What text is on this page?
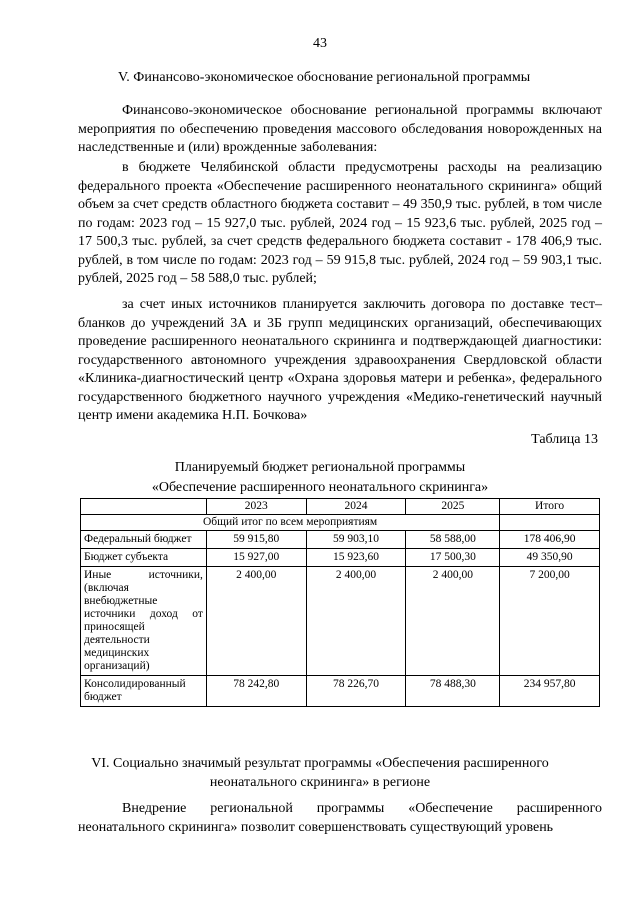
43
V. Финансово-экономическое обоснование региональной программы
Финансово-экономическое обоснование региональной программы включают мероприятия по обеспечению проведения массового обследования новорожденных на наследственные и (или) врожденные заболевания:
в бюджете Челябинской области предусмотрены расходы на реализацию федерального проекта «Обеспечение расширенного неонатального скрининга» общий объем за счет средств областного бюджета составит – 49 350,9 тыс. рублей, в том числе по годам: 2023 год – 15 927,0 тыс. рублей, 2024 год – 15 923,6 тыс. рублей, 2025 год – 17 500,3 тыс. рублей, за счет средств федерального бюджета составит - 178 406,9 тыс. рублей, в том числе по годам: 2023 год – 59 915,8 тыс. рублей, 2024 год – 59 903,1 тыс. рублей, 2025 год – 58 588,0 тыс. рублей;
за счет иных источников планируется заключить договора по доставке тест–бланков до учреждений 3А и 3Б групп медицинских организаций, обеспечивающих проведение расширенного неонатального скрининга и подтверждающей диагностики: государственного автономного учреждения здравоохранения Свердловской области «Клиника-диагностический центр «Охрана здоровья матери и ребенка», федерального государственного бюджетного научного учреждения «Медико-генетический научный центр имени академика Н.П. Бочкова»
Таблица 13
Планируемый бюджет региональной программы
«Обеспечение расширенного неонатального скрининга»
	2023	2024	2025	Итого
Общий итог по всем мероприятиям				
Федеральный бюджет	59 915,80	59 903,10	58 588,00	178 406,90
Бюджет субъекта	15 927,00	15 923,60	17 500,30	49 350,90
Иные источники, (включая внебюджетные источники доход от приносящей деятельности медицинских организаций)	2 400,00	2 400,00	2 400,00	7 200,00
Консолидированный бюджет	78 242,80	78 226,70	78 488,30	234 957,80
VI. Социально значимый результат программы «Обеспечения расширенного
неонатального скрининга» в регионе
Внедрение региональной программы «Обеспечение расширенного неонатального скрининга» позволит совершенствовать существующий уровень
